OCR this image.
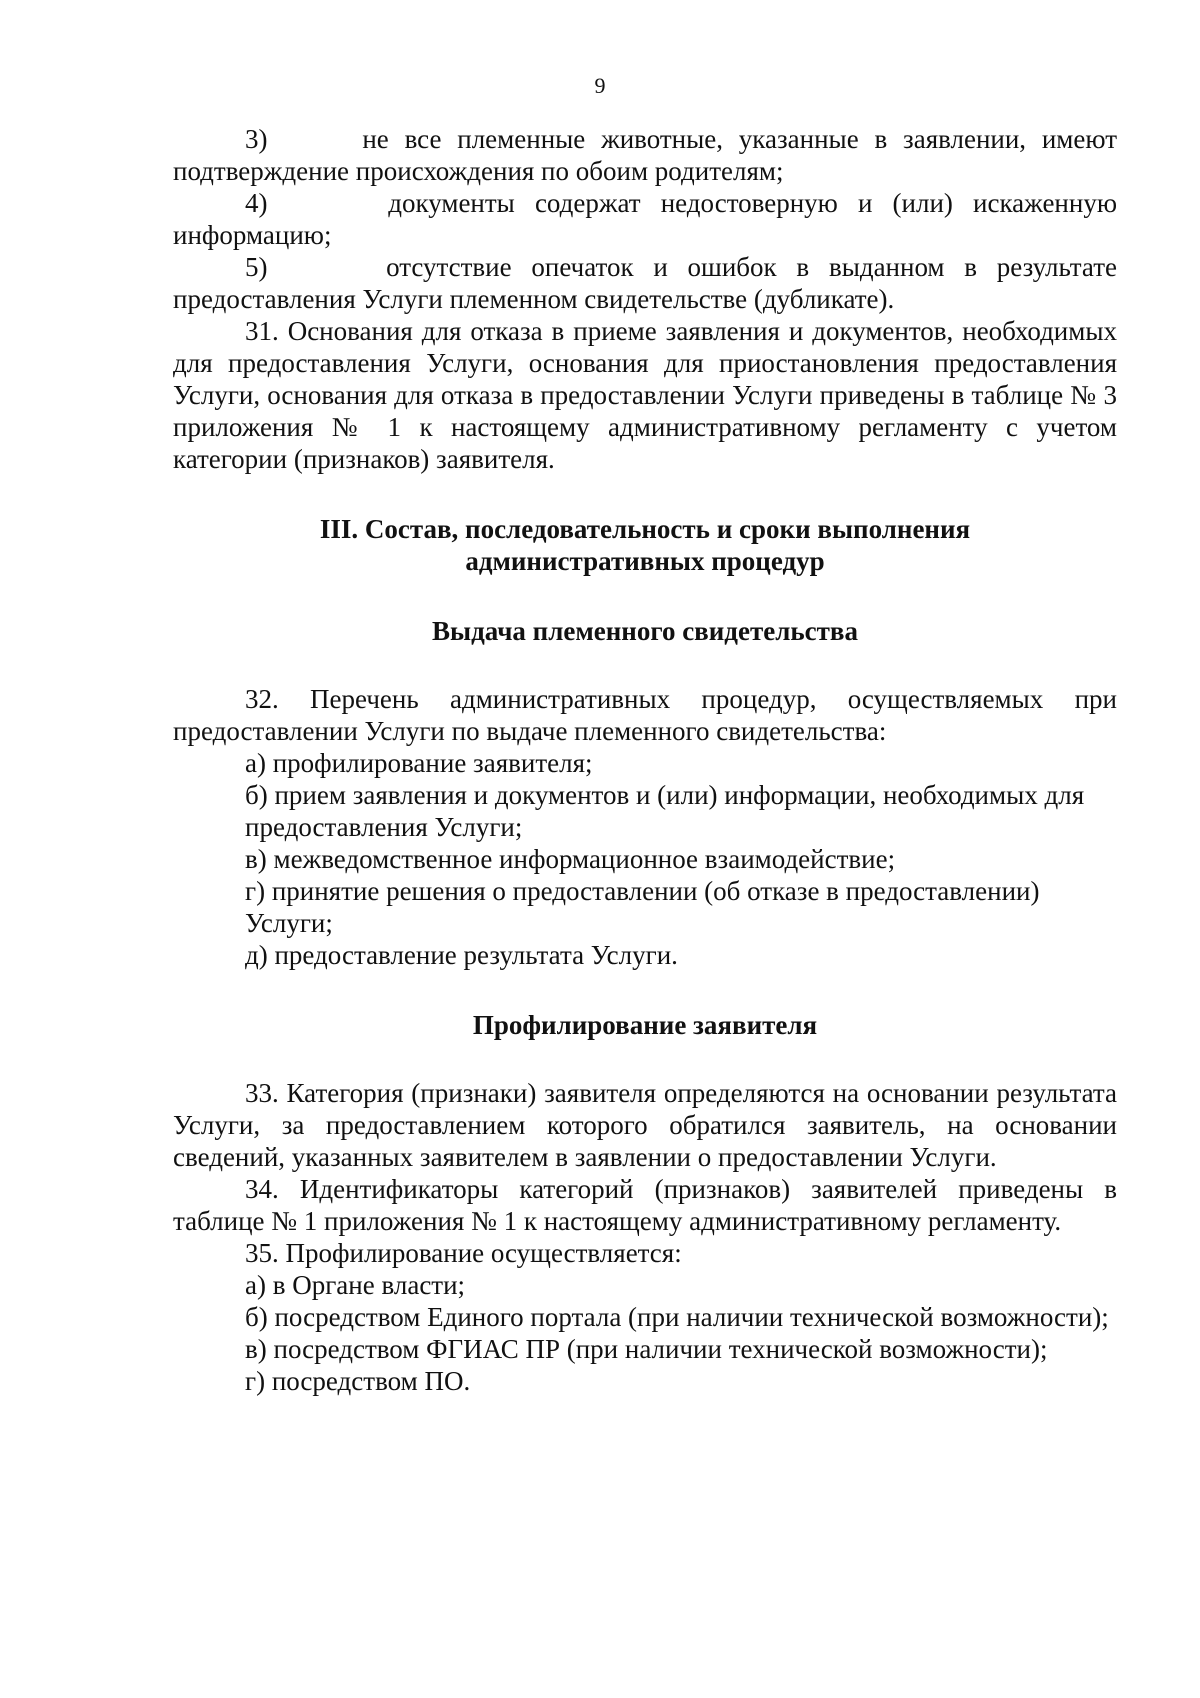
9

3)      не все племенные животные, указанные в заявлении, имеют подтверждение происхождения по обоим родителям;

4)      документы содержат недостоверную и (или) искаженную информацию;

5)      отсутствие опечаток и ошибок в выданном в результате предоставления Услуги племенном свидетельстве (дубликате).

31. Основания для отказа в приеме заявления и документов, необходимых для предоставления Услуги, основания для приостановления предоставления Услуги, основания для отказа в предоставлении Услуги приведены в таблице № 3 приложения № 1 к настоящему административному регламенту с учетом категории (признаков) заявителя.

III. Состав, последовательность и сроки выполнения

административных процедур

Выдача племенного свидетельства

32. Перечень административных процедур, осуществляемых при предоставлении Услуги по выдаче племенного свидетельства:

а) профилирование заявителя;

б) прием заявления и документов и (или) информации, необходимых для предоставления Услуги;

в) межведомственное информационное взаимодействие;

г) принятие решения о предоставлении (об отказе в предоставлении) Услуги;

д) предоставление результата Услуги.

Профилирование заявителя

33. Категория (признаки) заявителя определяются на основании результата Услуги, за предоставлением которого обратился заявитель, на основании сведений, указанных заявителем в заявлении о предоставлении Услуги.

34. Идентификаторы категорий (признаков) заявителей приведены в таблице № 1 приложения № 1 к настоящему административному регламенту.

35. Профилирование осуществляется:

а) в Органе власти;

б) посредством Единого портала (при наличии технической возможности);

в) посредством ФГИАС ПР (при наличии технической возможности);

г) посредством ПО.
